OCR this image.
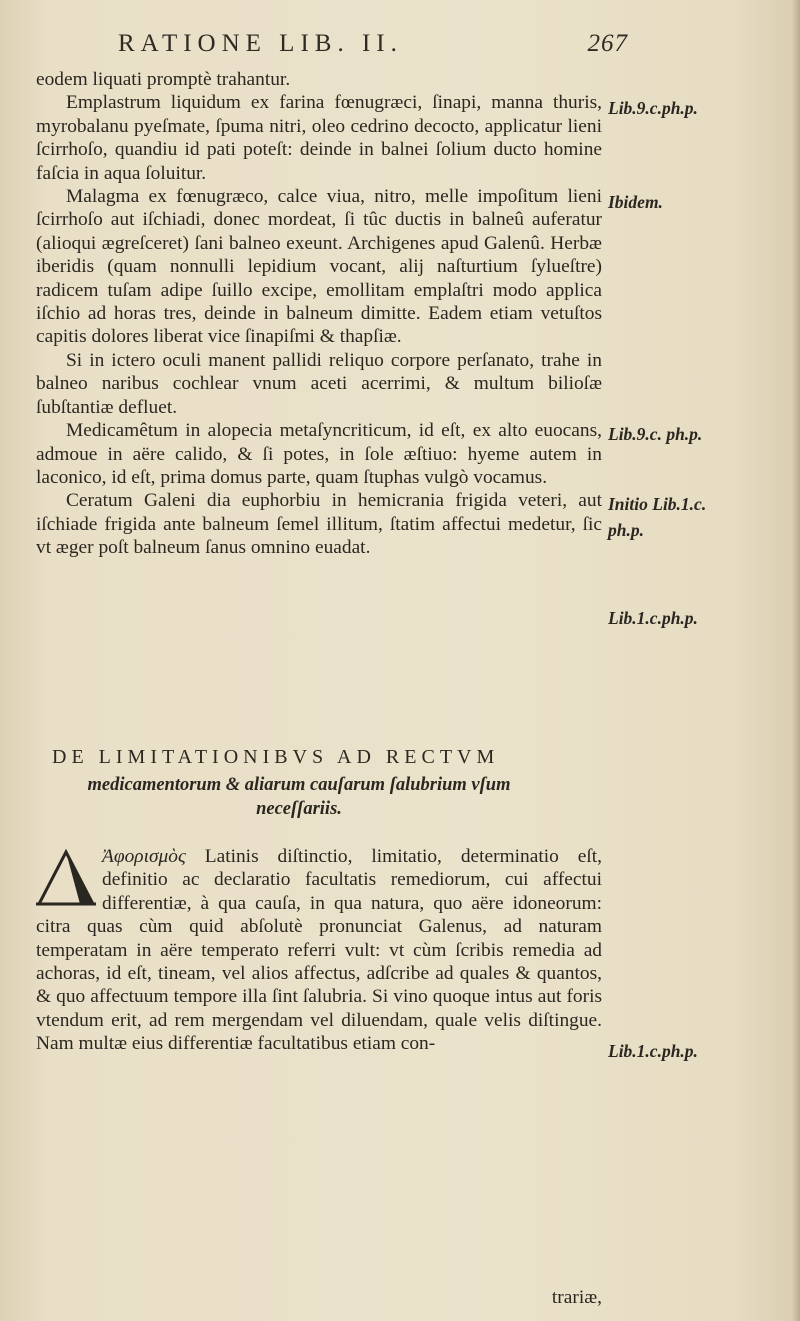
RATIONE LIB. II.	267

eodem liquati promptè trahantur.

Emplastrum liquidum ex farina fœnugræci, ſinapi, manna thuris, myrobalanu pyeſmate, ſpuma nitri, oleo cedrino decocto, applicatur lieni ſcirrhoſo, quandiu id pati poteſt: deinde in balnei ſolium ducto homine faſcia in aqua ſoluitur.

Malagma ex fœnugræco, calce viua, nitro, melle impoſitum lieni ſcirrhoſo aut iſchiadi, donec mordeat, ſi tûc ductis in balneû auferatur (alioqui ægreſceret) ſani balneo exeunt. Archigenes apud Galenû. Herbæ iberidis (quam nonnulli lepidium vocant, alij naſturtium ſylueſtre) radicem tuſam adipe ſuillo excipe, emollitam emplaſtri modo applica iſchio ad horas tres, deinde in balneum dimitte. Eadem etiam vetuſtos capitis dolores liberat vice ſinapiſmi & thapſiæ.

Si in ictero oculi manent pallidi reliquo corpore perſanato, trahe in balneo naribus cochlear vnum aceti acerrimi, & multum bilioſæ ſubſtantiæ defluet.

Medicamêtum in alopecia metaſyncriticum, id eſt, ex alto euocans, admoue in aëre calido, & ſi potes, in ſole æſtiuo: hyeme autem in laconico, id eſt, prima domus parte, quam ſtuphas vulgò vocamus.

Ceratum Galeni dia euphorbiu in hemicrania frigida veteri, aut iſchiade frigida ante balneum ſemel illitum, ſtatim affectui medetur, ſic vt æger poſt balneum ſanus omnino euadat.

DE LIMITATIONIBVS AD RECTVM
medicamentorum & aliarum cauſarum ſalubrium vſum neceſſariis.
Ἀφορισμὸς Latinis diſtinctio, limitatio, determinatio eſt, definitio ac declaratio facultatis remediorum, cui affectui differentiæ, à qua cauſa, in qua natura, quo aëre idoneorum: citra quas cùm quid abſolutè pronunciat Galenus, ad naturam temperatam in aëre temperato referri vult: vt cùm ſcribis remedia ad achoras, id eſt, tineam, vel alios affectus, adſcribe ad quales & quantos, & quo affectuum tempore illa ſint ſalubria. Si vino quoque intus aut foris vtendum erit, ad rem mergendam vel diluendam, quale velis diſtingue. Nam multæ eius differentiæ facultatibus etiam con-
trariæ,
Lib.9.c.ph.p.
Ibidem.
Lib.9.c. ph.p.
Initio Lib.1.c.
ph.p.
Lib.1.c.ph.p.
Lib.1.c.ph.p.
